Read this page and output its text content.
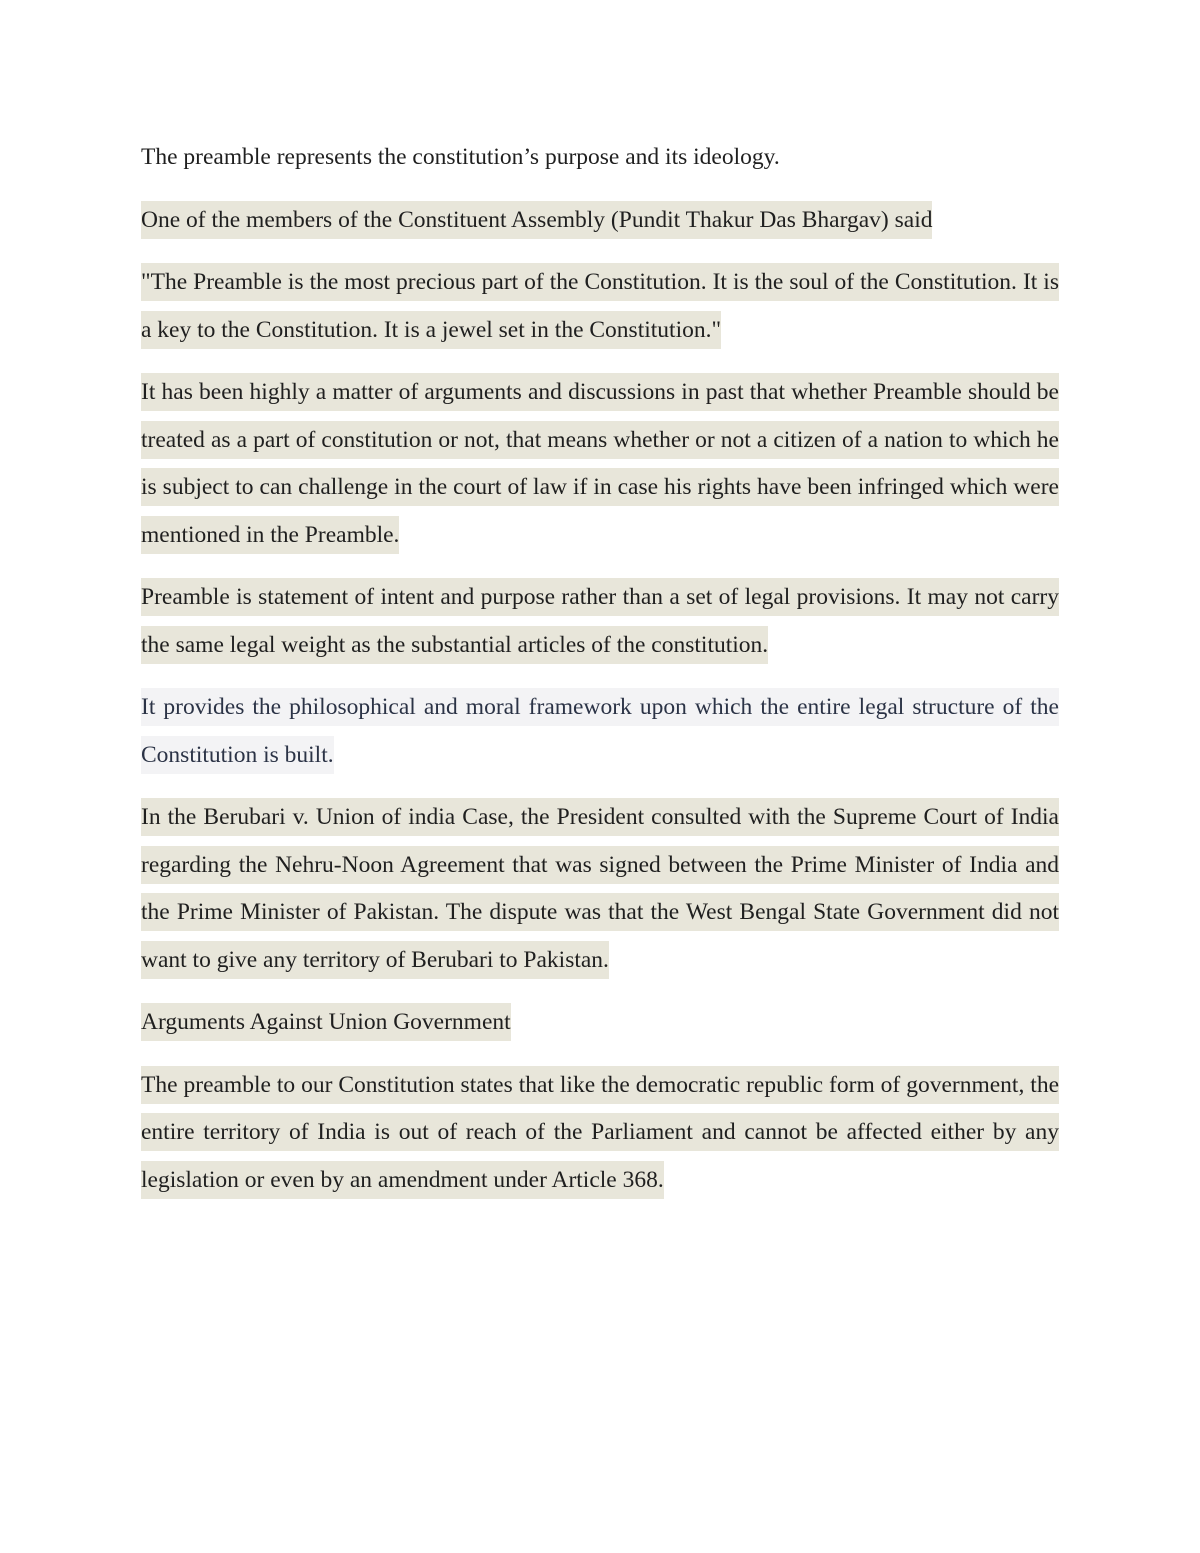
The preamble represents the constitution’s purpose and its ideology.

One of the members of the Constituent Assembly (Pundit Thakur Das Bhargav) said

"The Preamble is the most precious part of the Constitution. It is the soul of the Constitution. It is a key to the Constitution. It is a jewel set in the Constitution."

It has been highly a matter of arguments and discussions in past that whether Preamble should be treated as a part of constitution or not, that means whether or not a citizen of a nation to which he is subject to can challenge in the court of law if in case his rights have been infringed which were mentioned in the Preamble.

Preamble is statement of intent and purpose rather than a set of legal provisions. It may not carry the same legal weight as the substantial articles of the constitution.

It provides the philosophical and moral framework upon which the entire legal structure of the Constitution is built.

In the Berubari v. Union of india Case, the President consulted with the Supreme Court of India regarding the Nehru-Noon Agreement that was signed between the Prime Minister of India and the Prime Minister of Pakistan. The dispute was that the West Bengal State Government did not want to give any territory of Berubari to Pakistan.

Arguments Against Union Government

The preamble to our Constitution states that like the democratic republic form of government, the entire territory of India is out of reach of the Parliament and cannot be affected either by any legislation or even by an amendment under Article 368.
